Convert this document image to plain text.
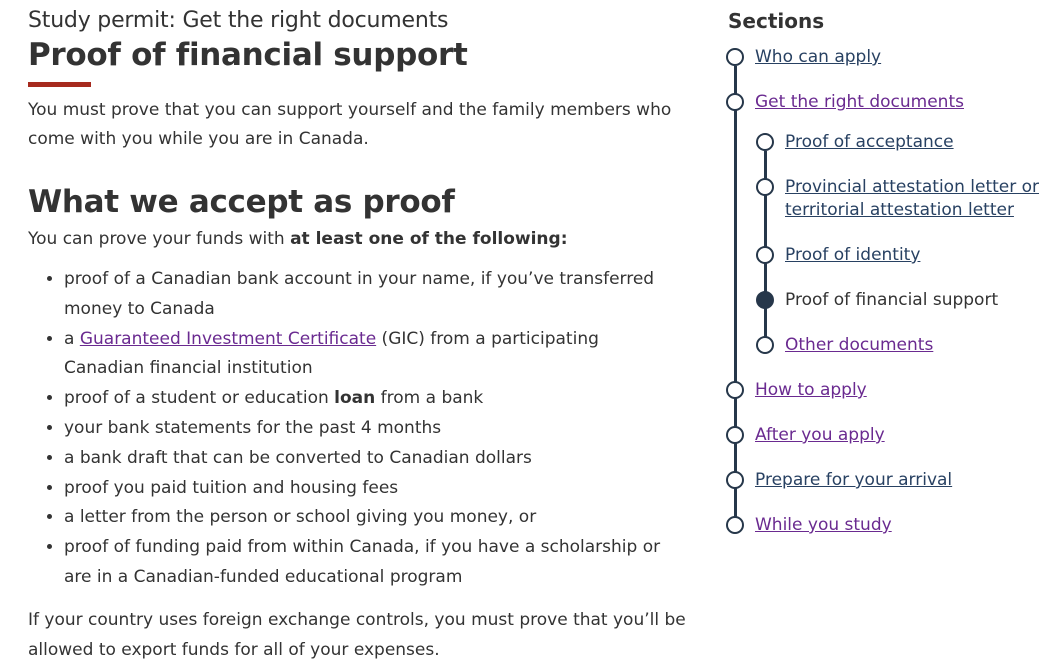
Study permit: Get the right documents
Proof of financial support

You must prove that you can support yourself and the family members who come with you while you are in Canada.

What we accept as proof

You can prove your funds with at least one of the following:

• proof of a Canadian bank account in your name, if you’ve transferred money to Canada
• a Guaranteed Investment Certificate (GIC) from a participating Canadian financial institution
• proof of a student or education loan from a bank
• your bank statements for the past 4 months
• a bank draft that can be converted to Canadian dollars
• proof you paid tuition and housing fees
• a letter from the person or school giving you money, or
• proof of funding paid from within Canada, if you have a scholarship or are in a Canadian-funded educational program

If your country uses foreign exchange controls, you must prove that you’ll be allowed to export funds for all of your expenses.

Sections
Who can apply
Get the right documents
Proof of acceptance
Provincial attestation letter or territorial attestation letter
Proof of identity
Proof of financial support
Other documents
How to apply
After you apply
Prepare for your arrival
While you study
